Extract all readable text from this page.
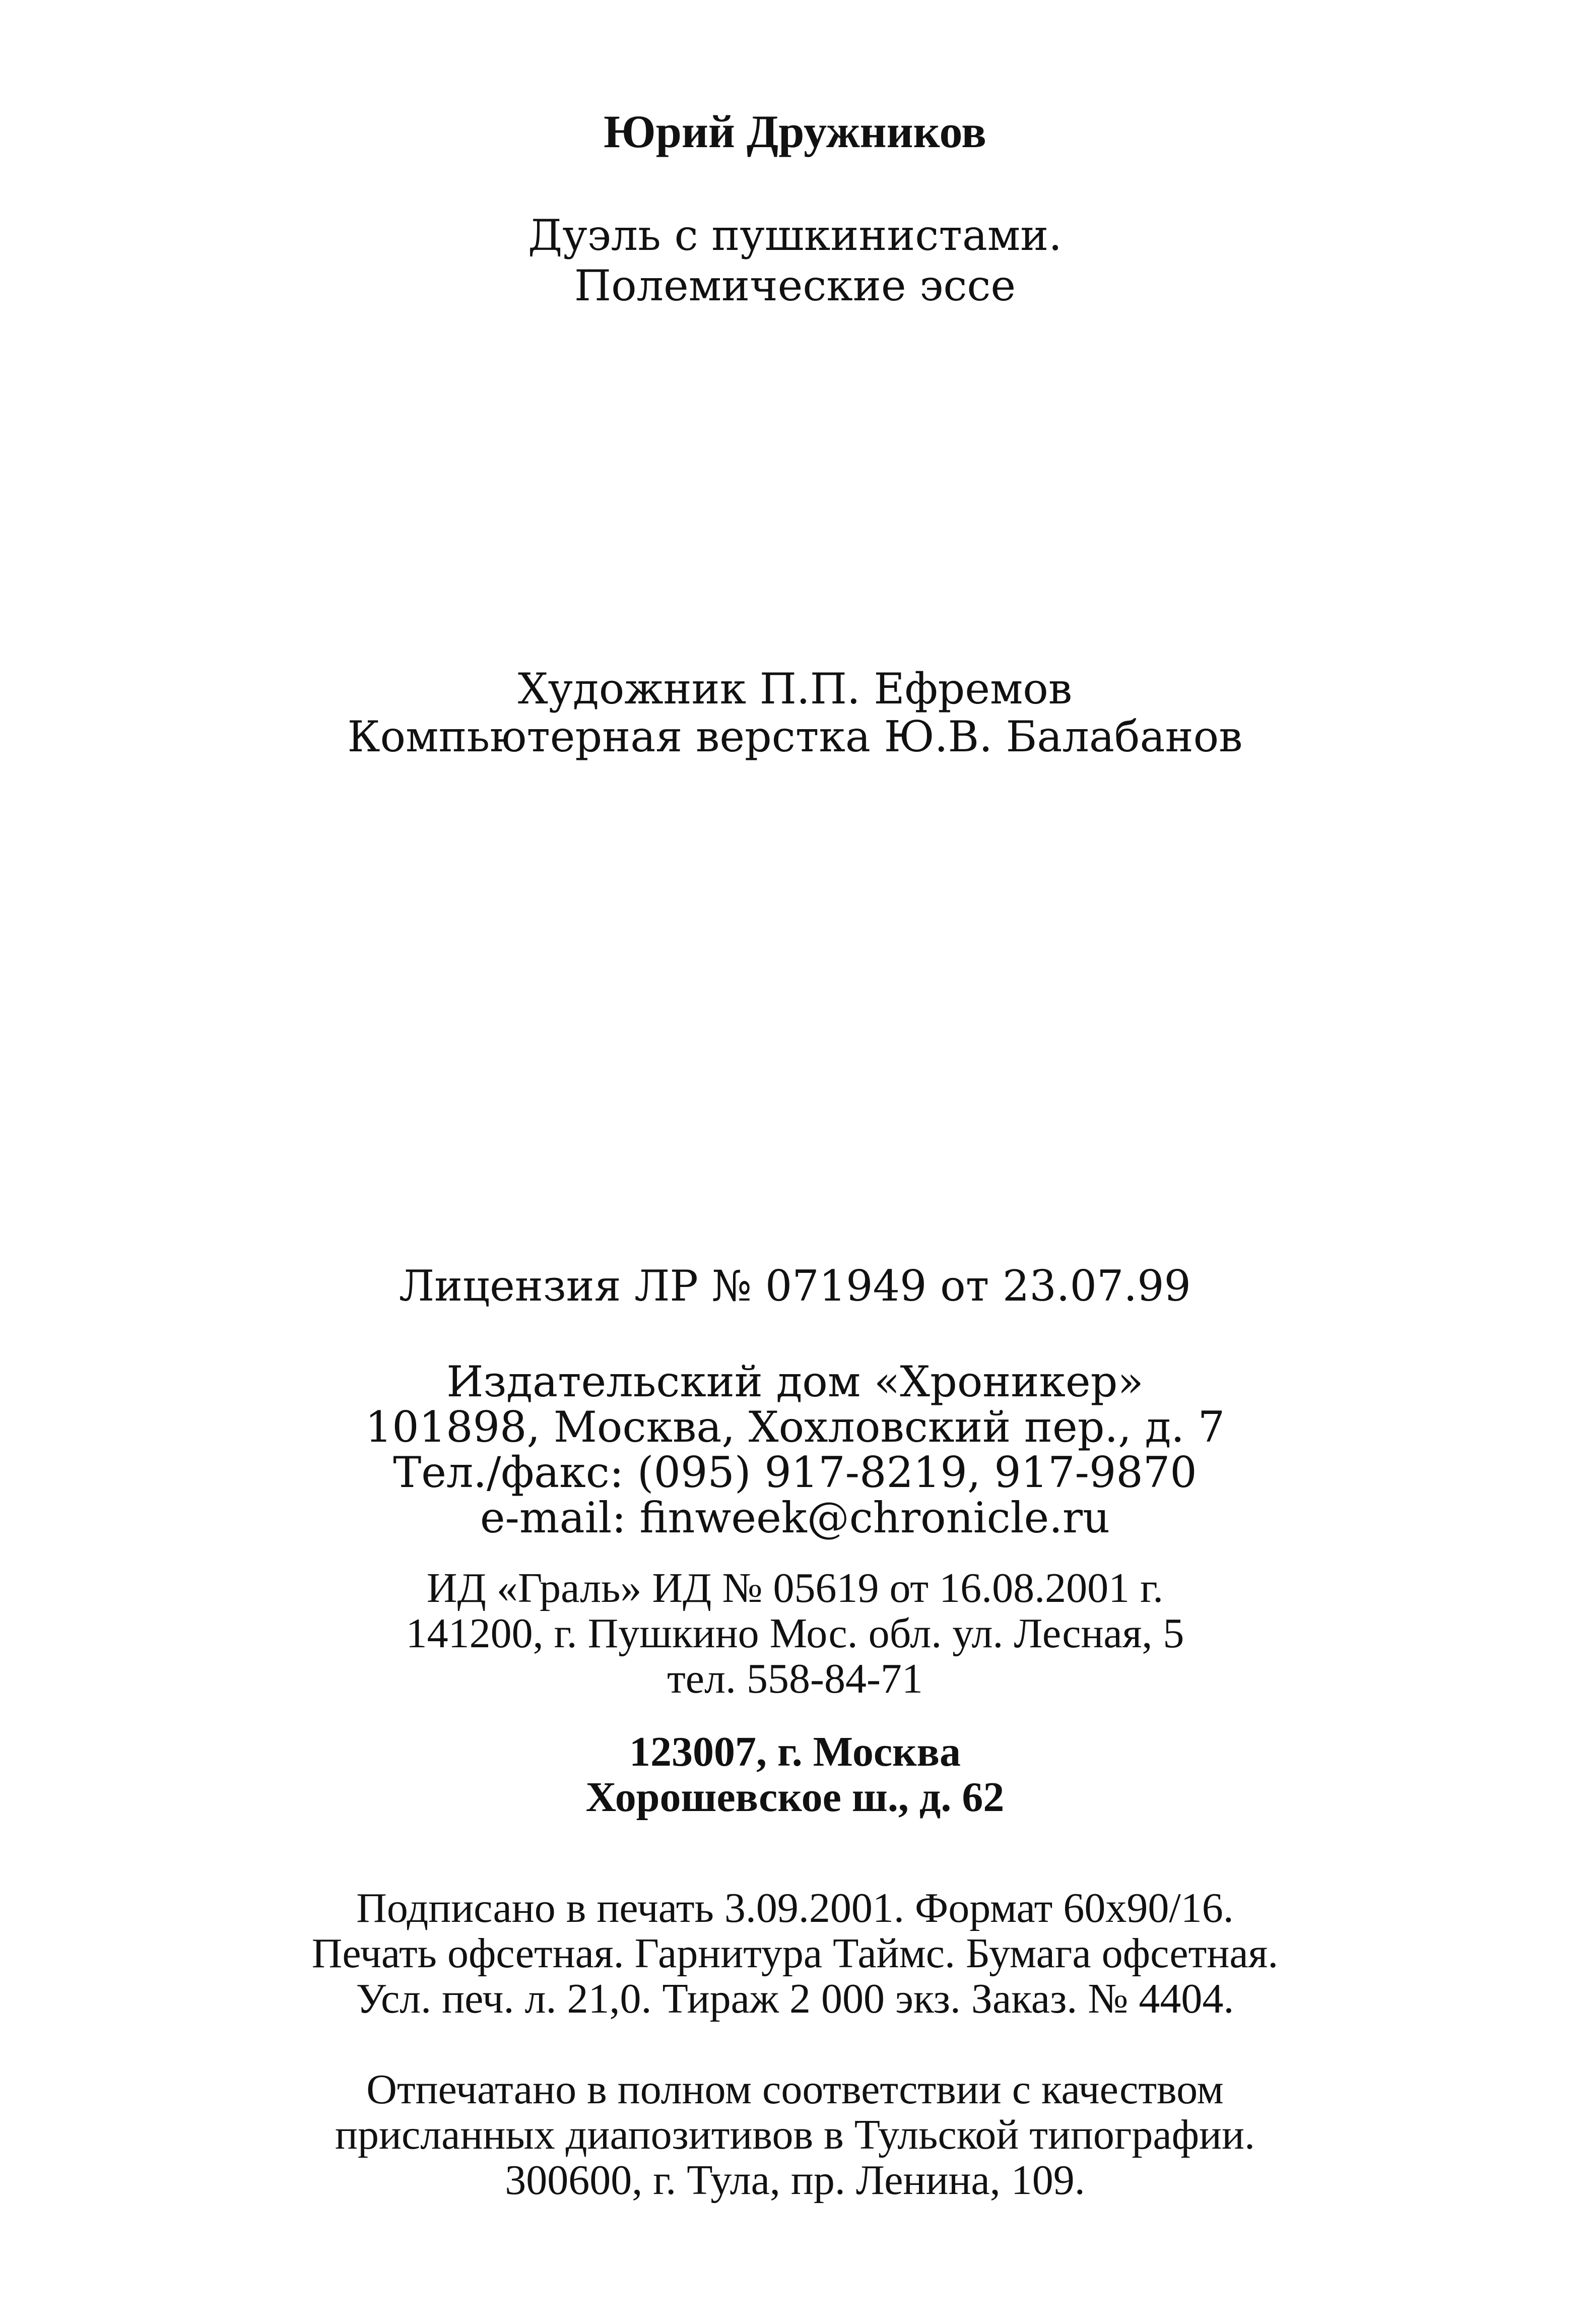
Юрий Дружников
Дуэль с пушкинистами.
Полемические эссе
Художник П.П. Ефремов
Компьютерная верстка Ю.В. Балабанов
Лицензия ЛР № 071949 от 23.07.99
Издательский дом «Хроникер»
101898, Москва, Хохловский пер., д. 7
Тел./факс: (095) 917-8219, 917-9870
e-mail: finweek@chronicle.ru
ИД «Граль» ИД № 05619 от 16.08.2001 г.
141200, г. Пушкино Мос. обл. ул. Лесная, 5
тел. 558-84-71
123007, г. Москва
Хорошевское ш., д. 62
Подписано в печать 3.09.2001. Формат 60x90/16.
Печать офсетная. Гарнитура Таймс. Бумага офсетная.
Усл. печ. л. 21,0. Тираж 2 000 экз. Заказ. № 4404.
Отпечатано в полном соответствии с качеством
присланных диапозитивов в Тульской типографии.
300600, г. Тула, пр. Ленина, 109.
